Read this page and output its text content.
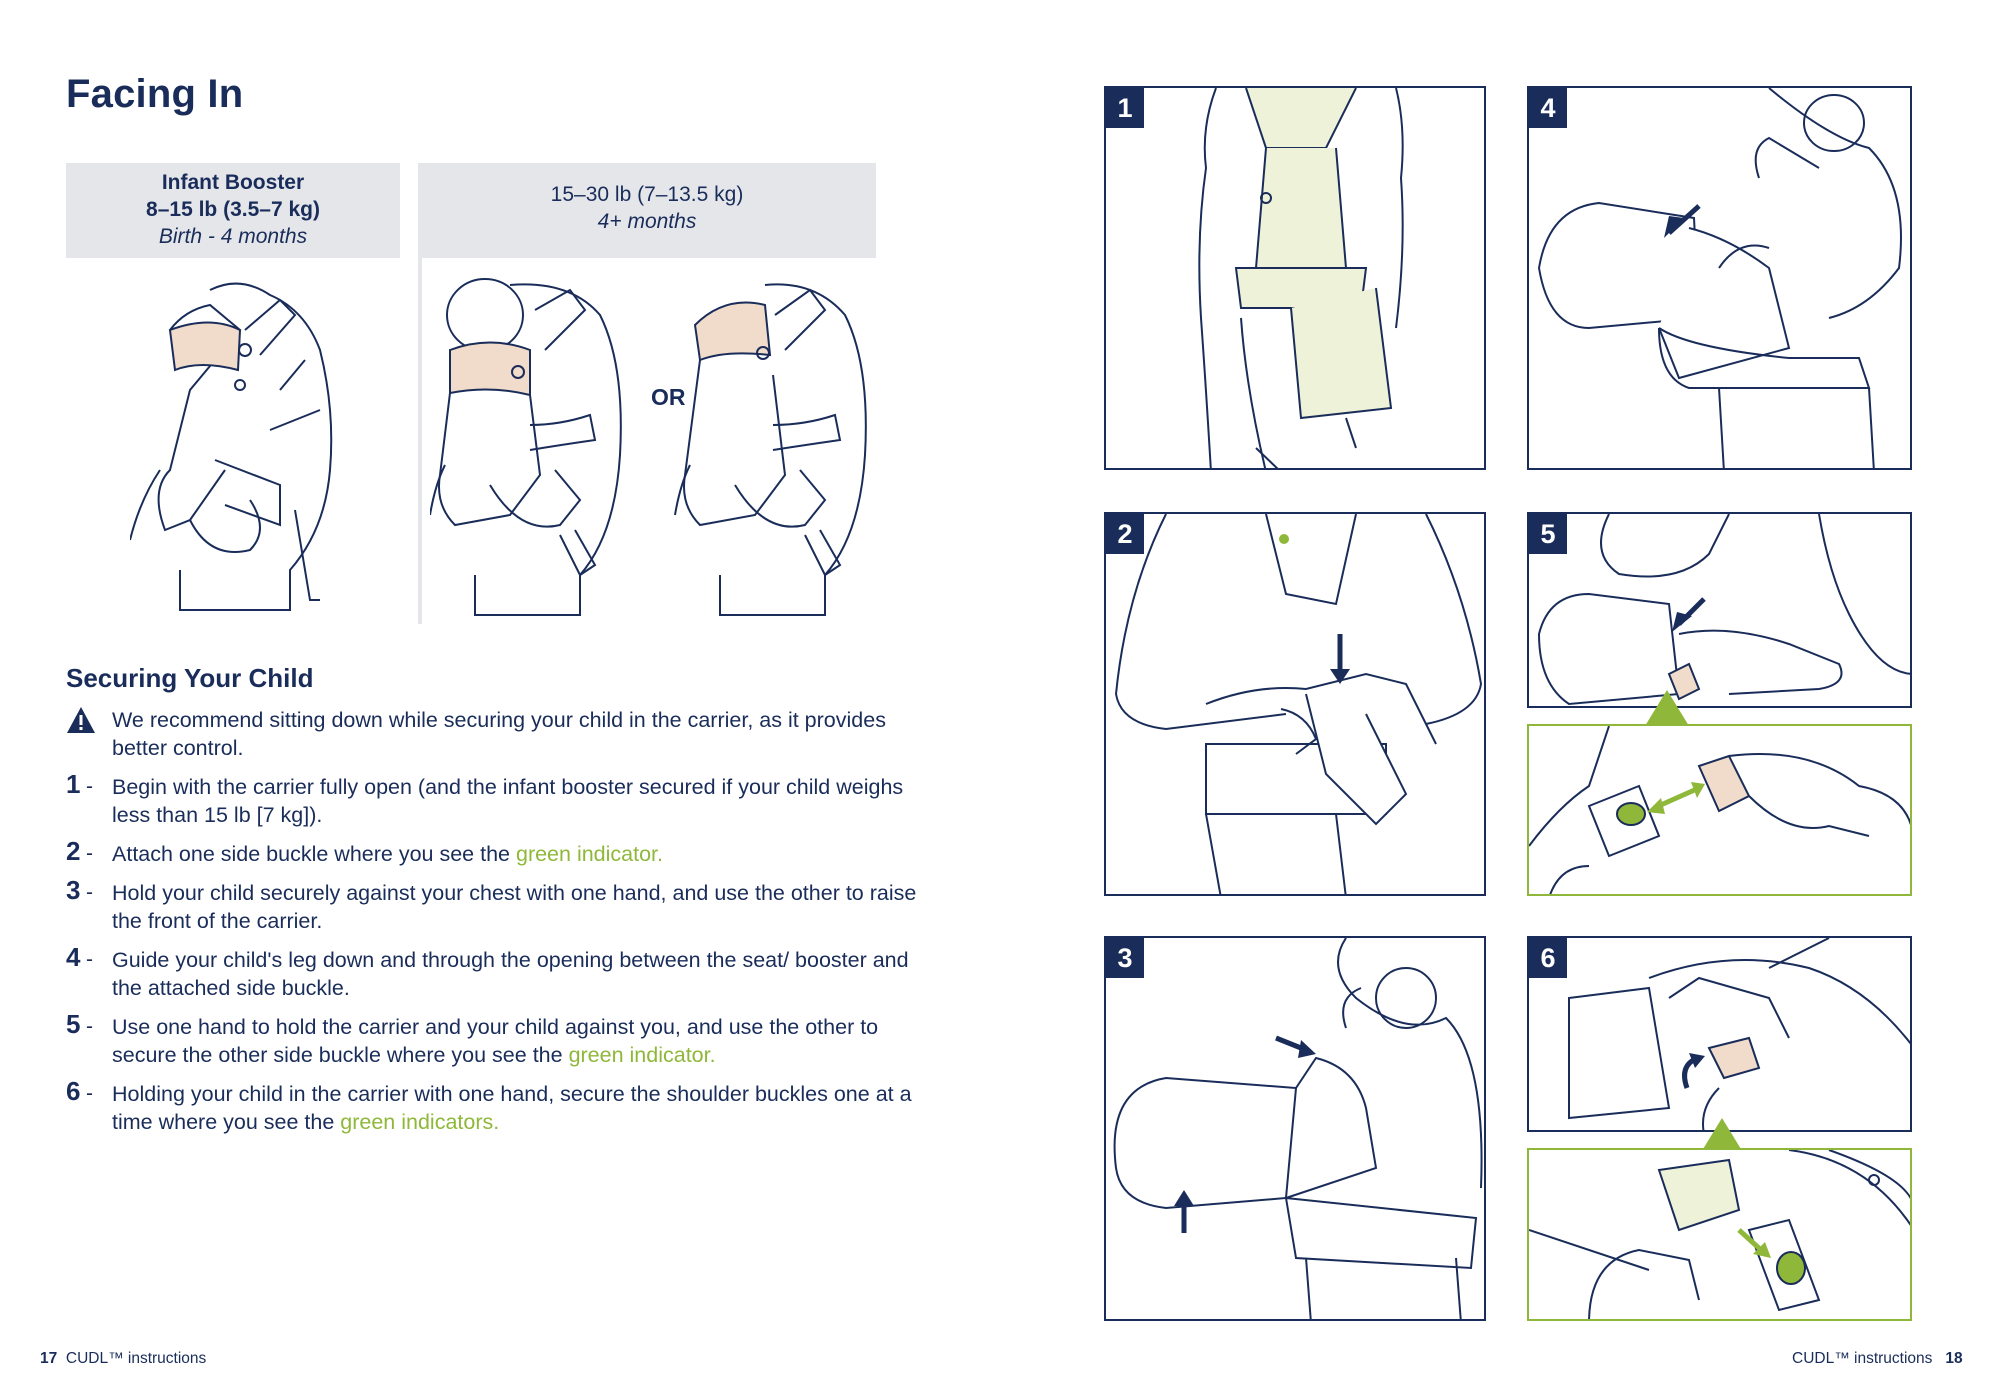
Facing In
Infant Booster
8–15 lb (3.5–7 kg)
Birth - 4 months
15–30 lb (7–13.5 kg)
4+ months
OR
Securing Your Child
We recommend sitting down while securing your child in the carrier, as it provides better control.
1 - Begin with the carrier fully open (and the infant booster secured if your child weighs less than 15 lb [7 kg]).
2 - Attach one side buckle where you see the green indicator.
3 - Hold your child securely against your chest with one hand, and use the other to raise the front of the carrier.
4 - Guide your child's leg down and through the opening between the seat/ booster and the attached side buckle.
5 - Use one hand to hold the carrier and your child against you, and use the other to secure the other side buckle where you see the green indicator.
6 - Holding your child in the carrier with one hand, secure the shoulder buckles one at a time where you see the green indicators.
17 CUDL™ instructions
1	4
2	5
3	6
CUDL™ instructions 18
